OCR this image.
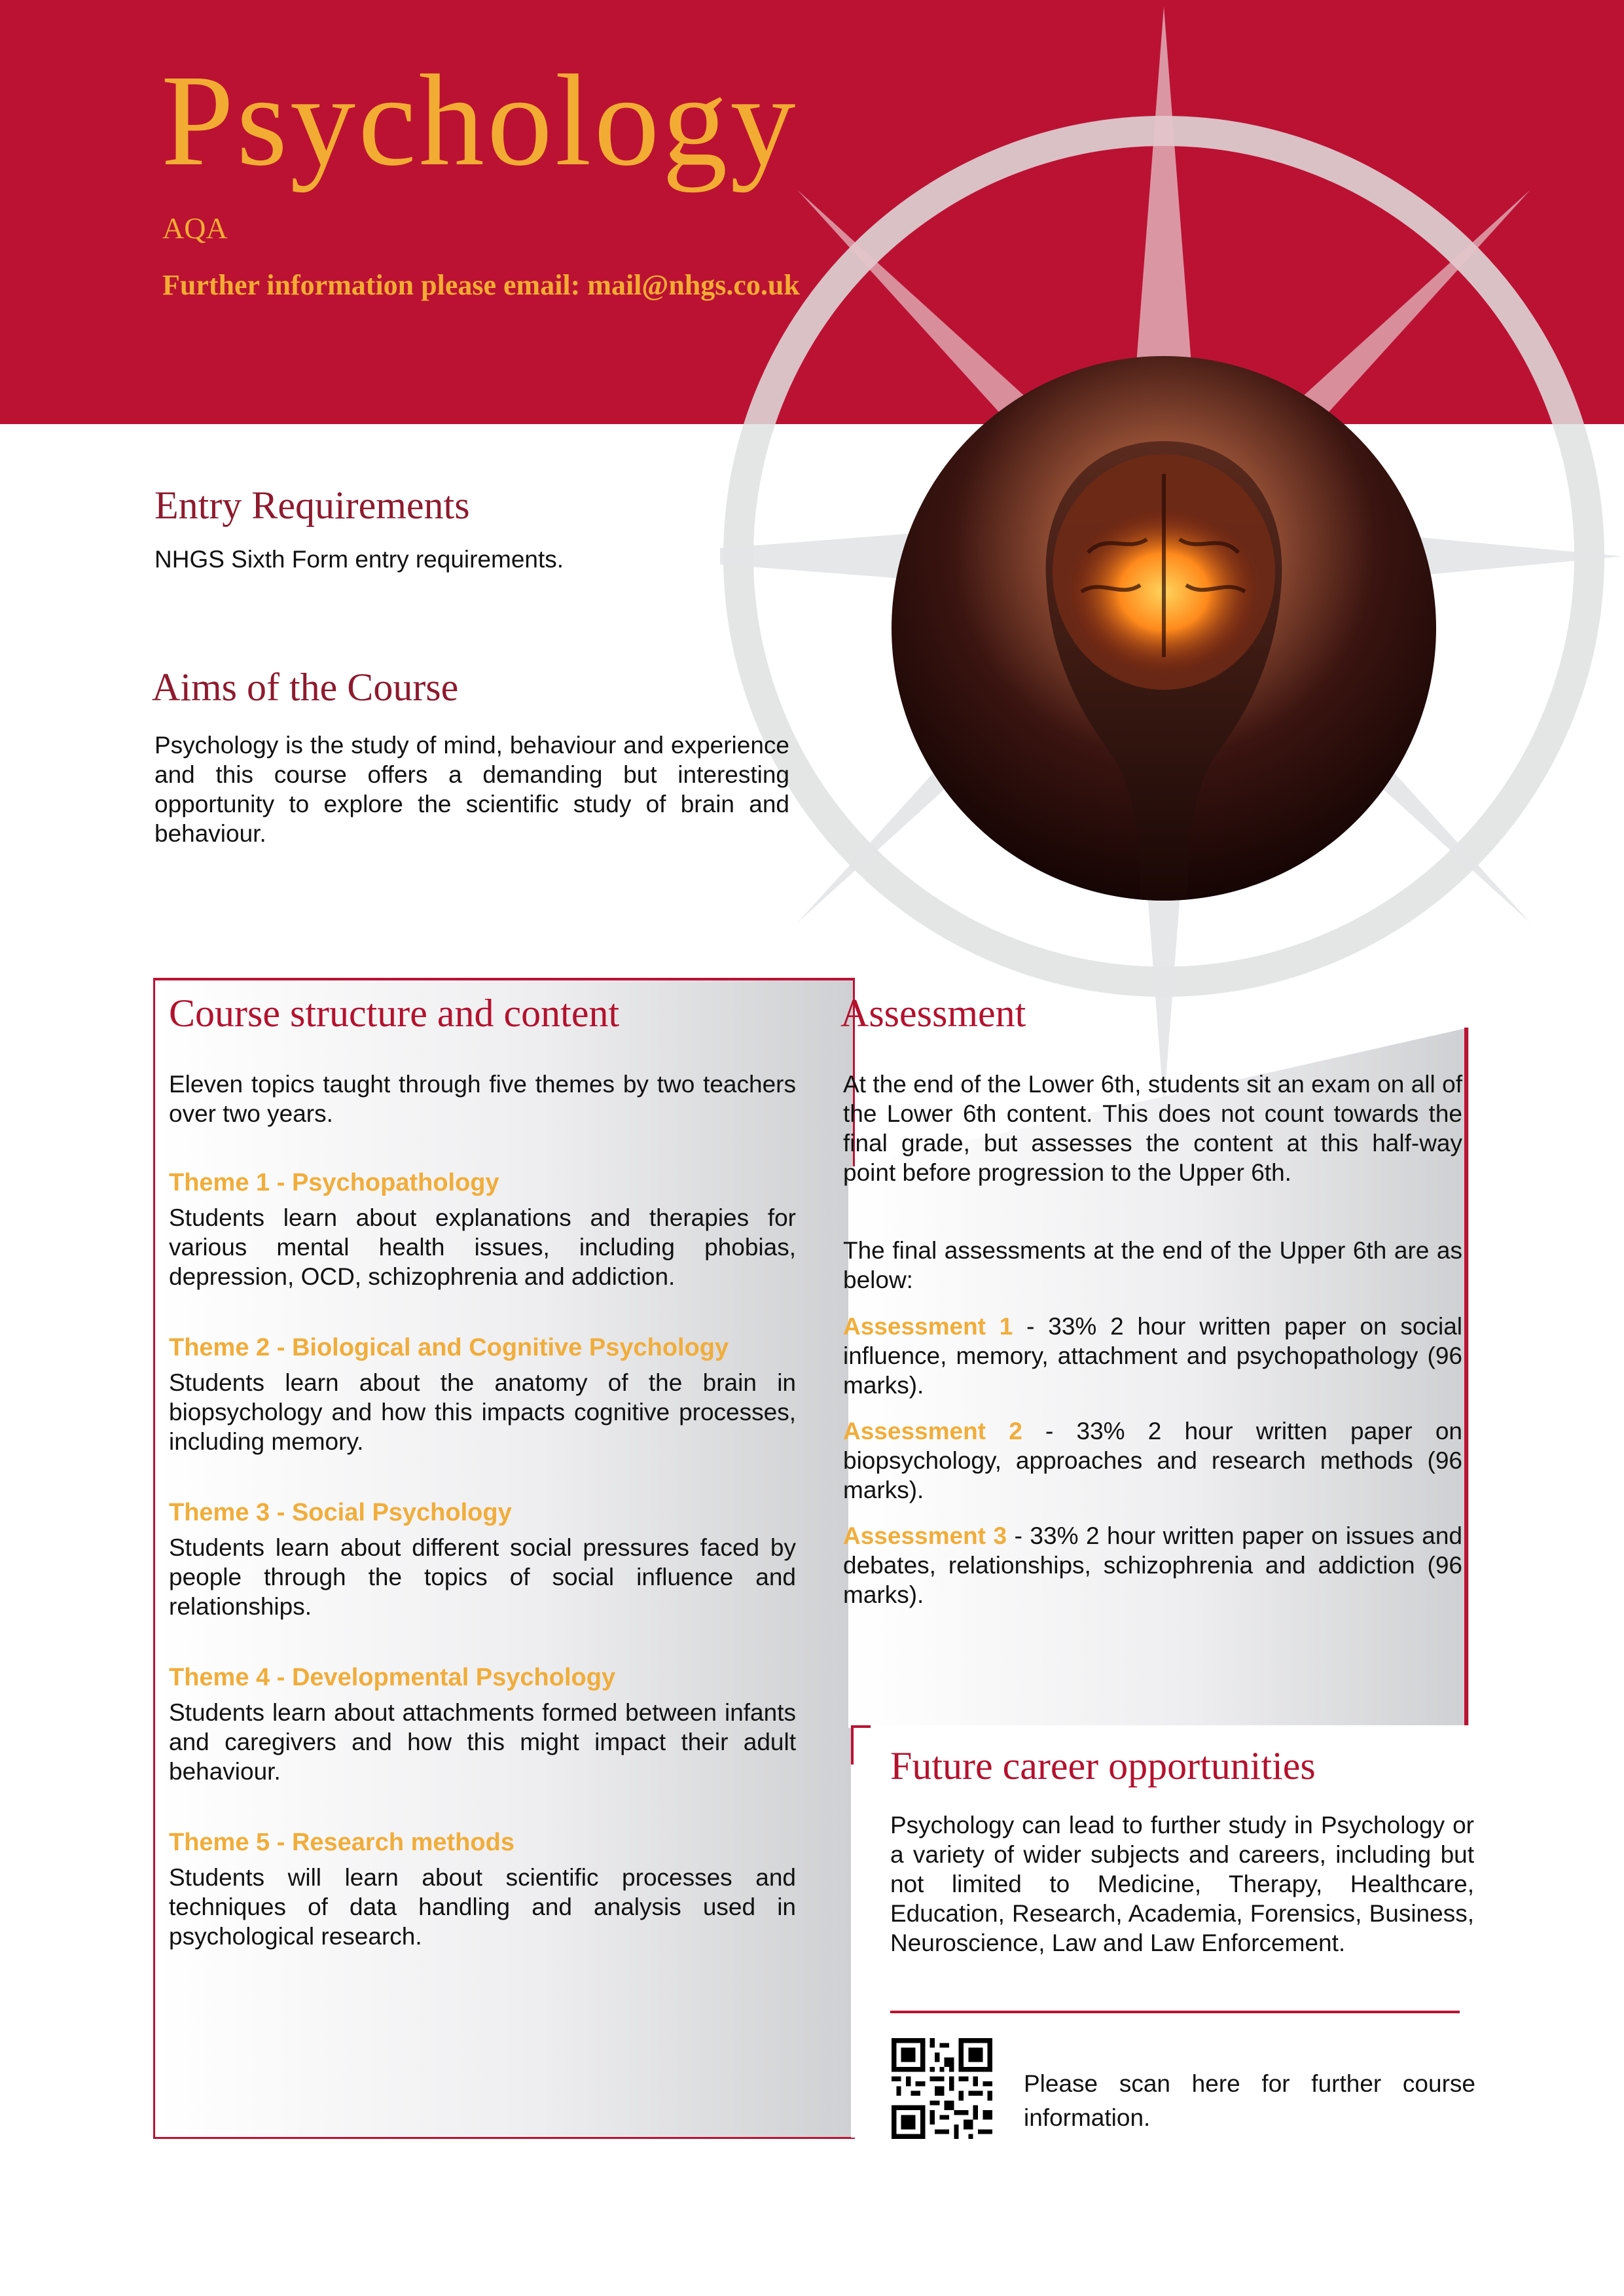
Psychology
AQA
Further information please email: mail@nhgs.co.uk
Entry Requirements
NHGS Sixth Form entry requirements.
Aims of the Course
Psychology is the study of mind, behaviour and experience and this course offers a demanding but interesting opportunity to explore the scientific study of brain and behaviour.
Course structure and content
Eleven topics taught through five themes by two teachers over two years.
Theme 1 - Psychopathology
Students learn about explanations and therapies for various mental health issues, including phobias, depression, OCD, schizophrenia and addiction.
Theme 2 - Biological and Cognitive Psychology
Students learn about the anatomy of the brain in biopsychology and how this impacts cognitive processes, including memory.
Theme 3 - Social Psychology
Students learn about different social pressures faced by people through the topics of social influence and relationships.
Theme 4 - Developmental Psychology
Students learn about attachments formed between infants and caregivers and how this might impact their adult behaviour.
Theme 5 - Research methods
Students will learn about scientific processes and techniques of data handling and analysis used in psychological research.
Assessment
At the end of the Lower 6th, students sit an exam on all of the Lower 6th content. This does not count towards the final grade, but assesses the content at this half-way point before progression to the Upper 6th.
The final assessments at the end of the Upper 6th are as below:
Assessment 1 - 33% 2 hour written paper on social influence, memory, attachment and psychopathology (96 marks).
Assessment 2 - 33% 2 hour written paper on biopsychology, approaches and research methods (96 marks).
Assessment 3 - 33% 2 hour written paper on issues and debates, relationships, schizophrenia and addiction (96 marks).
Future career opportunities
Psychology can lead to further study in Psychology or a variety of wider subjects and careers, including but not limited to Medicine, Therapy, Healthcare, Education, Research, Academia, Forensics, Business, Neuroscience, Law and Law Enforcement.
Please scan here for further course information.
